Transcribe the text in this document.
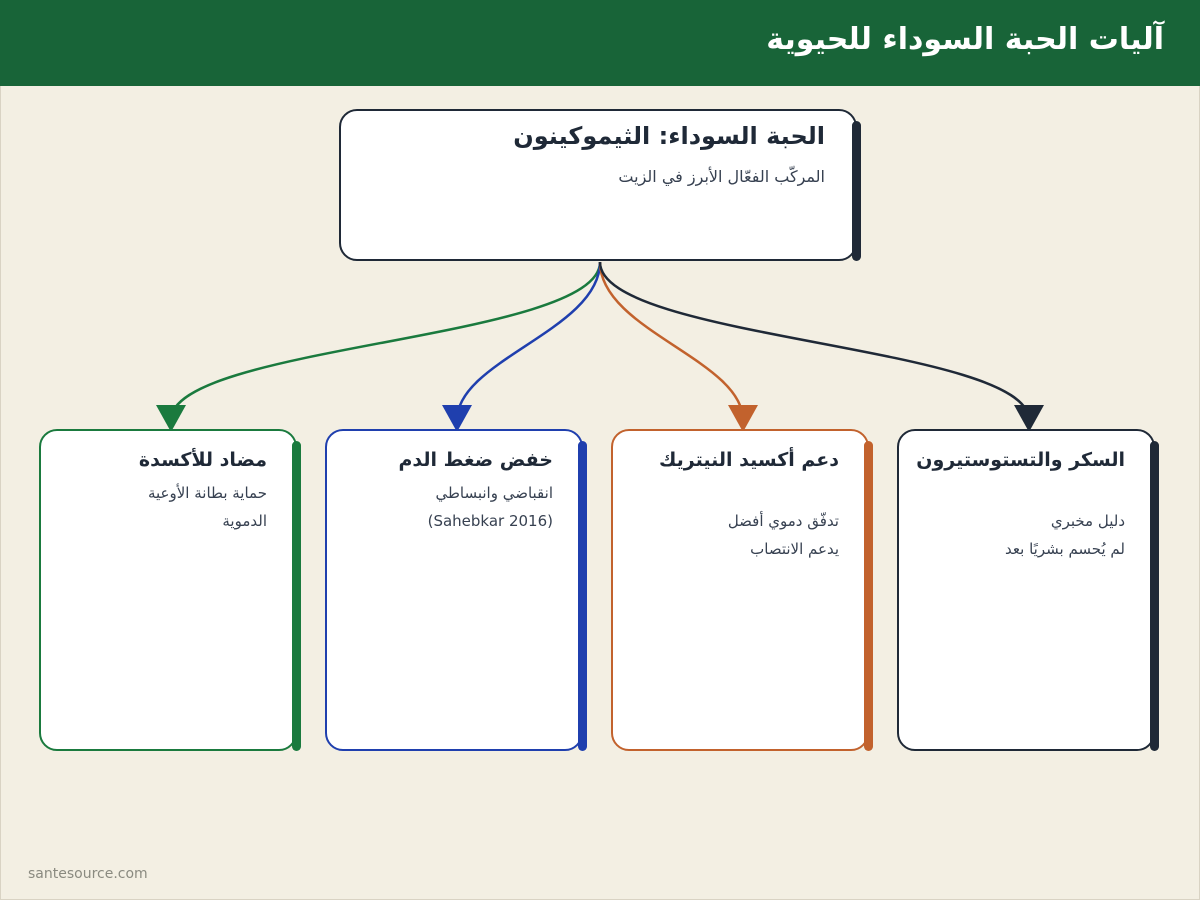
آليات الحبة السوداء للحيوية
الحبة السوداء: الثيموكينون
المركّب الفعّال الأبرز في الزيت
مضاد للأكسدة
حماية بطانة الأوعية
الدموية
خفض ضغط الدم
انقباضي وانبساطي
(Sahebkar 2016)
دعم أكسيد النيتريك
تدفّق دموي أفضل
يدعم الانتصاب
السكر والتستوستيرون
دليل مخبري
لم يُحسم بشريًا بعد
santesource.com
